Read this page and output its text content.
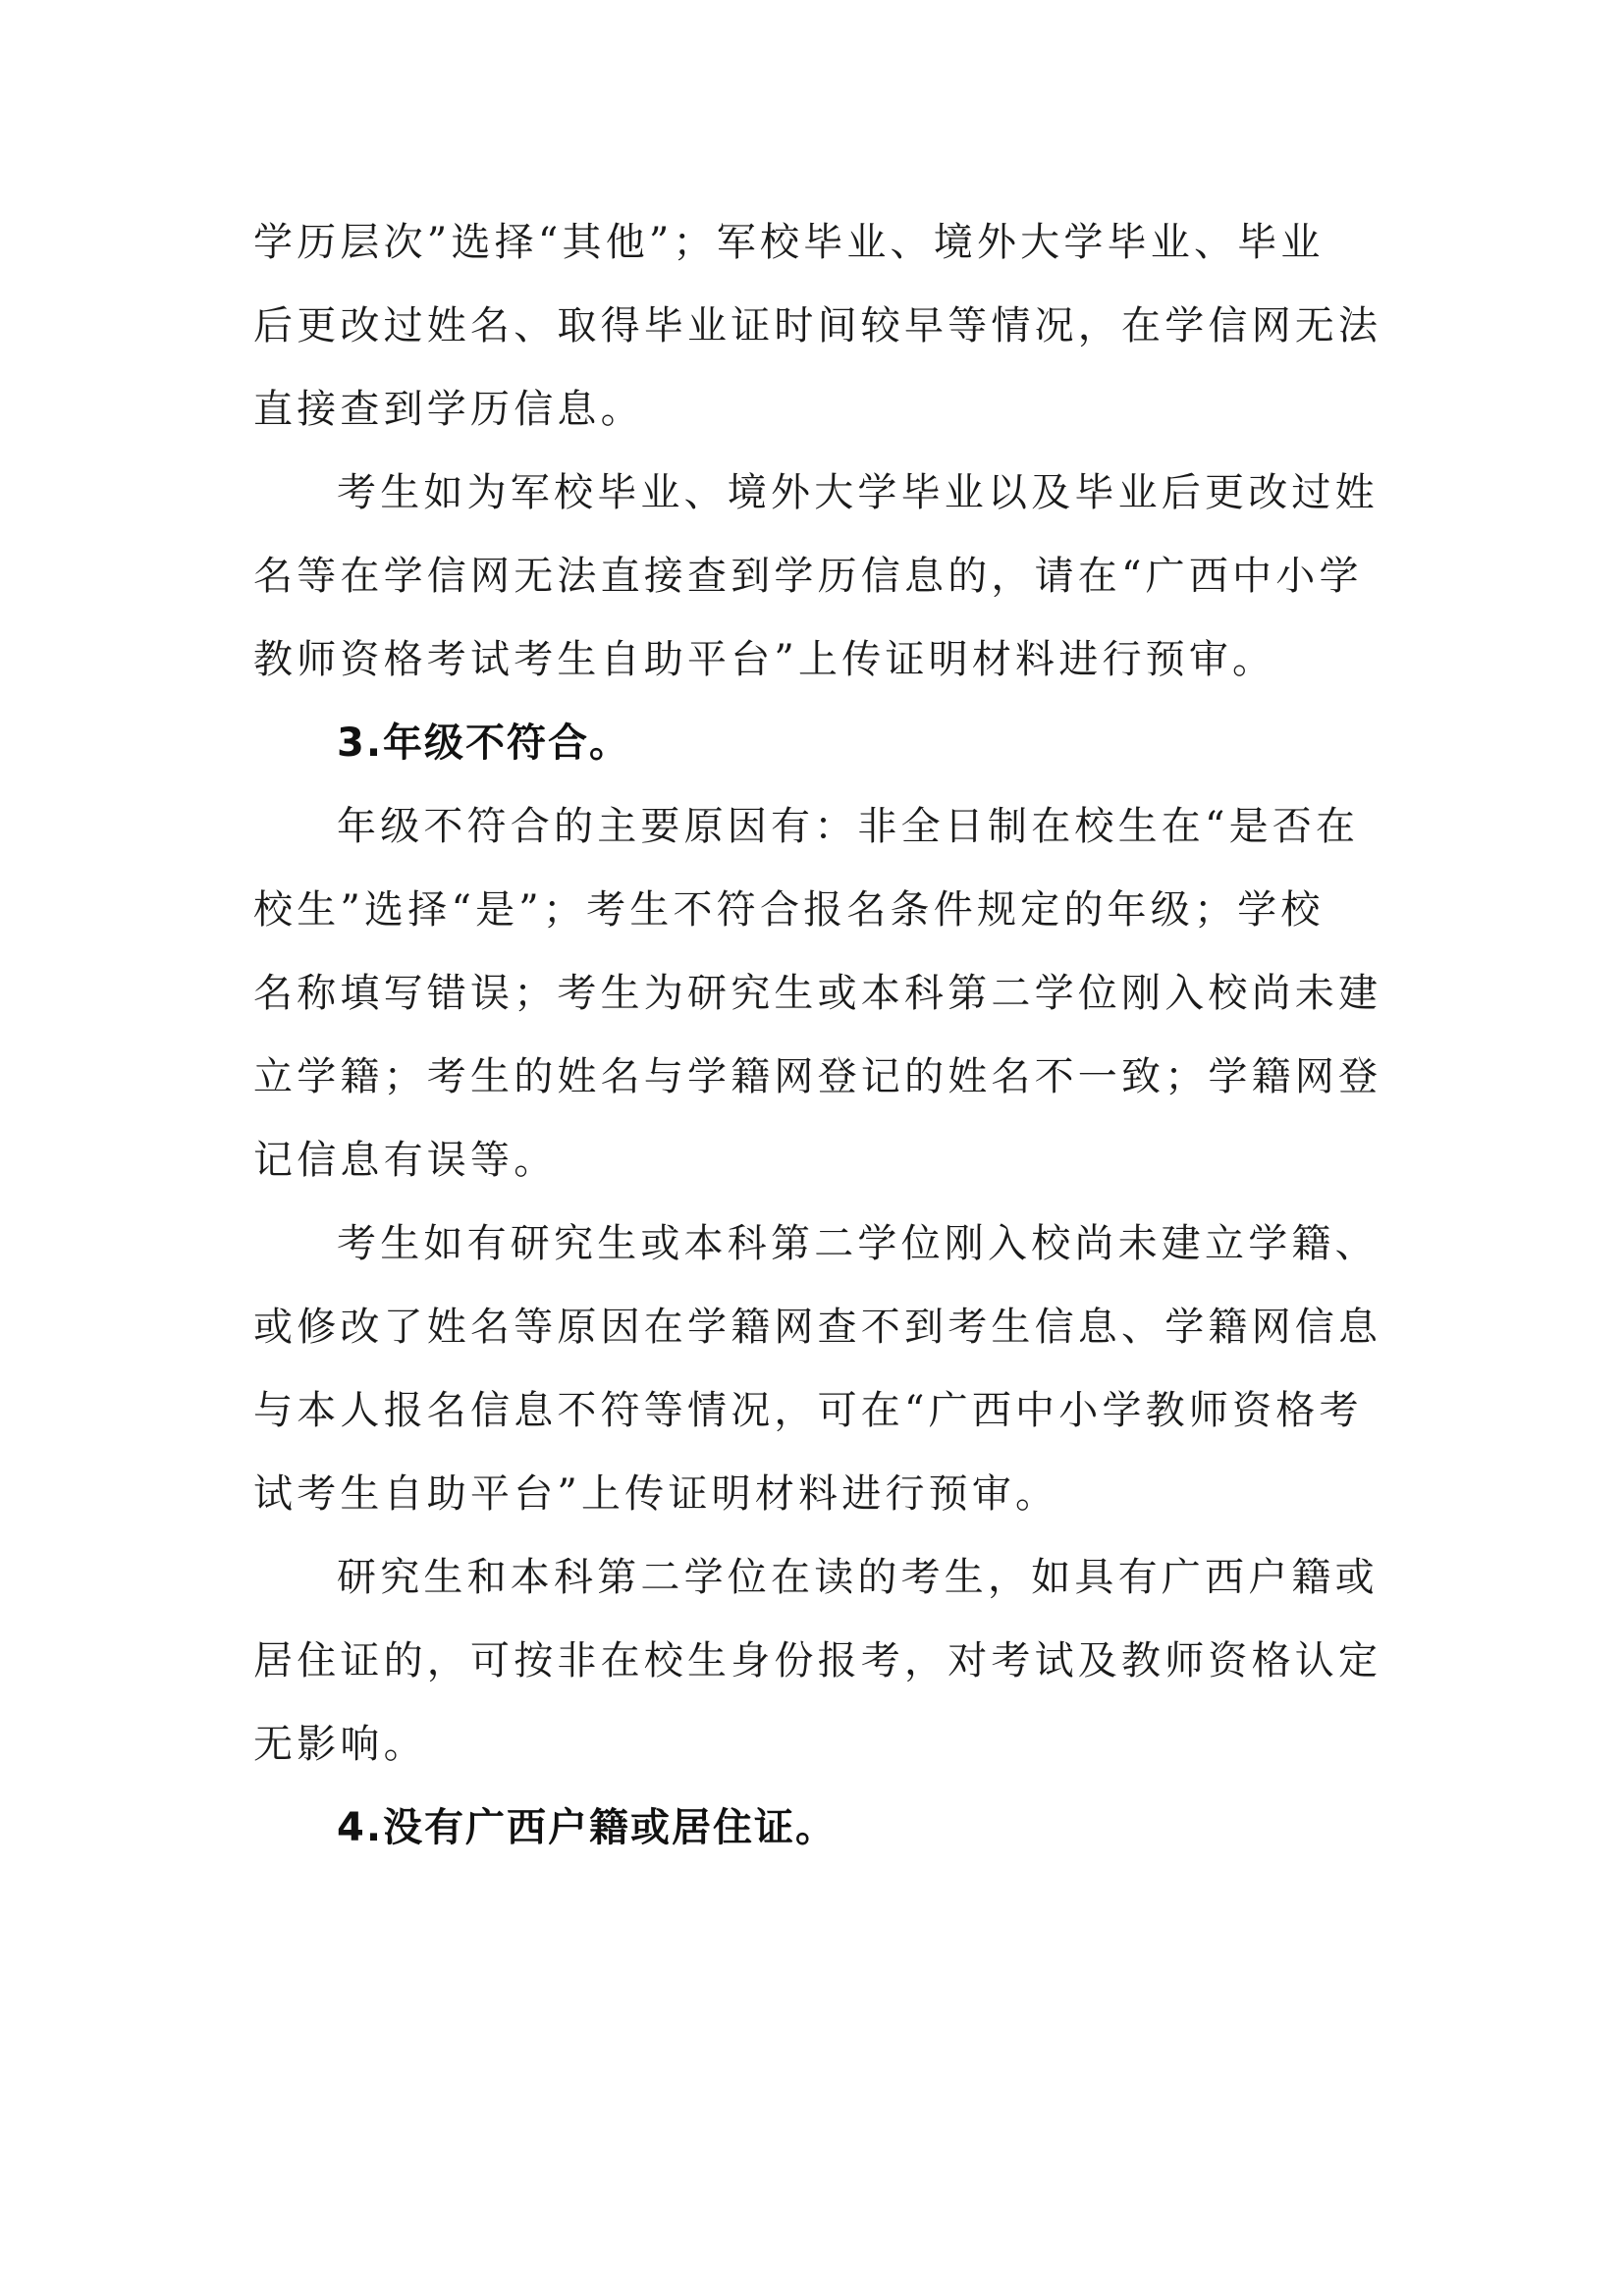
学历层次”选择“其他”；军校毕业、境外大学毕业、毕业
后更改过姓名、取得毕业证时间较早等情况，在学信网无法
直接查到学历信息。
考生如为军校毕业、境外大学毕业以及毕业后更改过姓
名等在学信网无法直接查到学历信息的，请在“广西中小学
教师资格考试考生自助平台”上传证明材料进行预审。
3.年级不符合。
年级不符合的主要原因有：非全日制在校生在“是否在
校生”选择“是”；考生不符合报名条件规定的年级；学校
名称填写错误；考生为研究生或本科第二学位刚入校尚未建
立学籍；考生的姓名与学籍网登记的姓名不一致；学籍网登
记信息有误等。
考生如有研究生或本科第二学位刚入校尚未建立学籍、
或修改了姓名等原因在学籍网查不到考生信息、学籍网信息
与本人报名信息不符等情况，可在“广西中小学教师资格考
试考生自助平台”上传证明材料进行预审。
研究生和本科第二学位在读的考生，如具有广西户籍或
居住证的，可按非在校生身份报考，对考试及教师资格认定
无影响。
4.没有广西户籍或居住证。
